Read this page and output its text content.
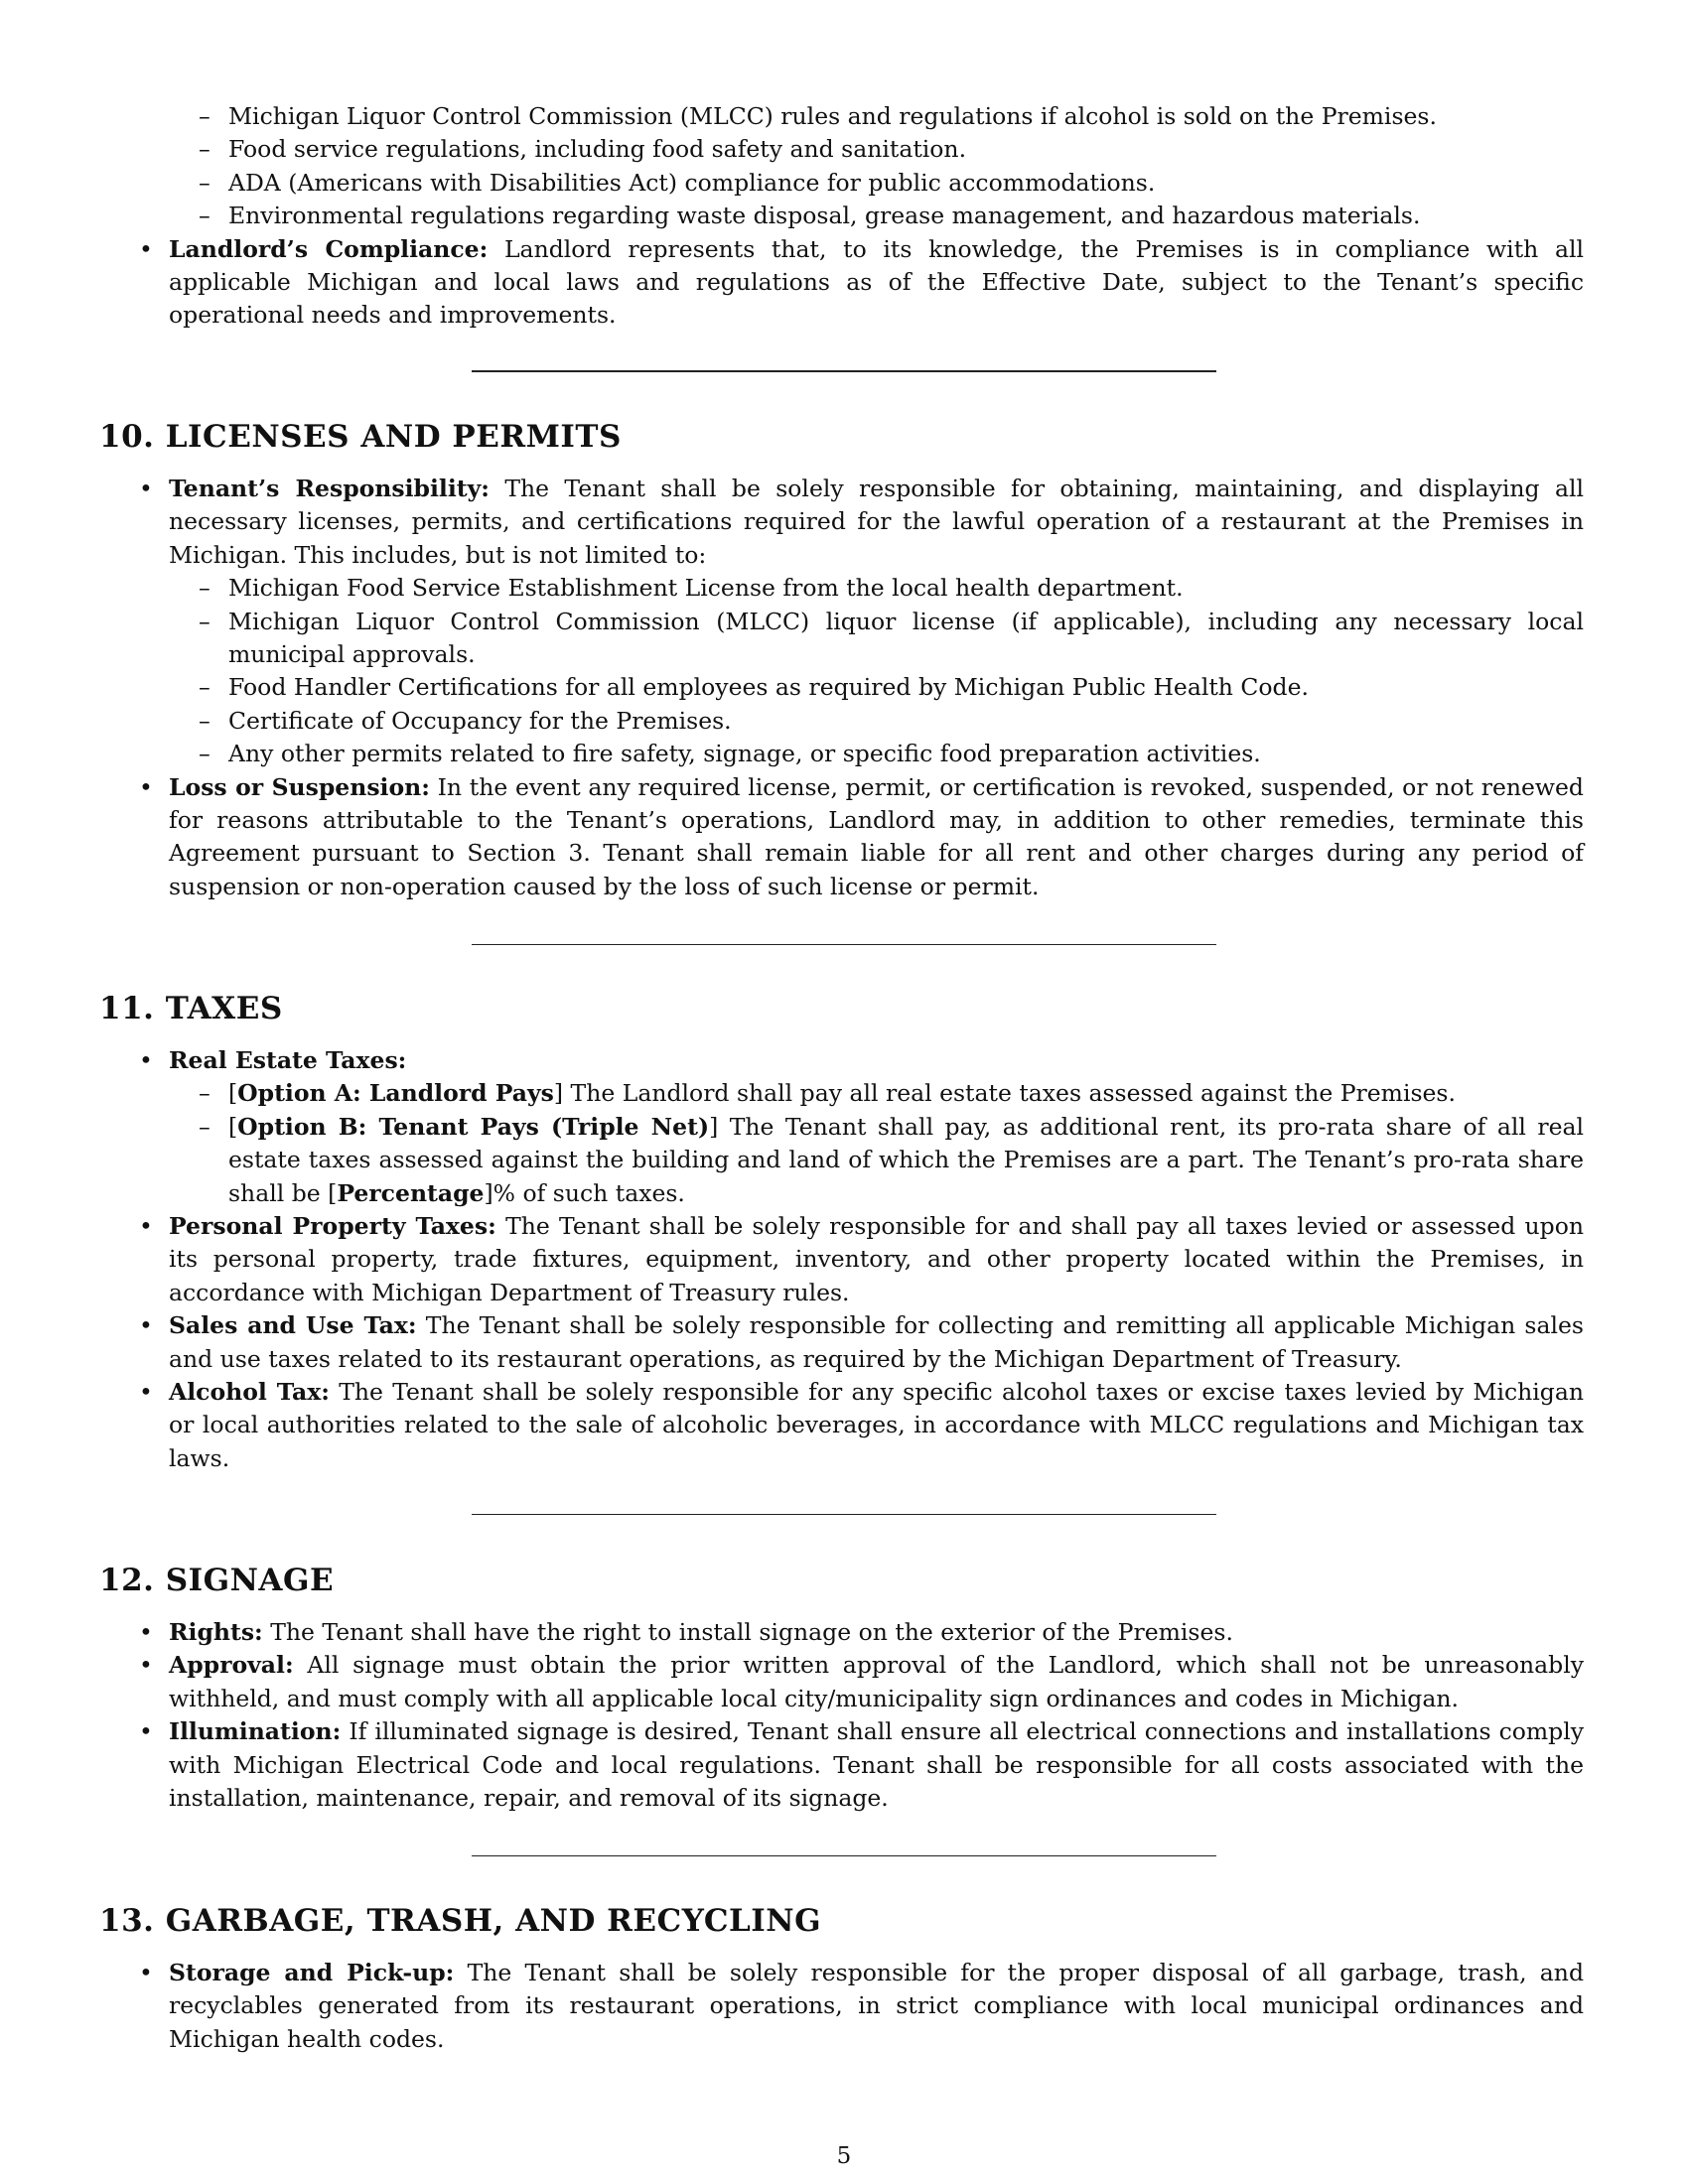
– Michigan Liquor Control Commission (MLCC) rules and regulations if alcohol is sold on the Premises.
– Food service regulations, including food safety and sanitation.
– ADA (Americans with Disabilities Act) compliance for public accommodations.
– Environmental regulations regarding waste disposal, grease management, and hazardous materials.
• Landlord’s Compliance: Landlord represents that, to its knowledge, the Premises is in compliance with all applicable Michigan and local laws and regulations as of the Effective Date, subject to the Tenant’s specific operational needs and improvements.
10. LICENSES AND PERMITS
• Tenant’s Responsibility: The Tenant shall be solely responsible for obtaining, maintaining, and displaying all necessary licenses, permits, and certifications required for the lawful operation of a restaurant at the Premises in Michigan. This includes, but is not limited to:
– Michigan Food Service Establishment License from the local health department.
– Michigan Liquor Control Commission (MLCC) liquor license (if applicable), including any necessary local municipal approvals.
– Food Handler Certifications for all employees as required by Michigan Public Health Code.
– Certificate of Occupancy for the Premises.
– Any other permits related to fire safety, signage, or specific food preparation activities.
• Loss or Suspension: In the event any required license, permit, or certification is revoked, suspended, or not renewed for reasons attributable to the Tenant’s operations, Landlord may, in addition to other remedies, terminate this Agreement pursuant to Section 3. Tenant shall remain liable for all rent and other charges during any period of suspension or non-operation caused by the loss of such license or permit.
11. TAXES
• Real Estate Taxes:
– [Option A: Landlord Pays] The Landlord shall pay all real estate taxes assessed against the Premises.
– [Option B: Tenant Pays (Triple Net)] The Tenant shall pay, as additional rent, its pro-rata share of all real estate taxes assessed against the building and land of which the Premises are a part. The Tenant’s pro-rata share shall be [Percentage]% of such taxes.
• Personal Property Taxes: The Tenant shall be solely responsible for and shall pay all taxes levied or assessed upon its personal property, trade fixtures, equipment, inventory, and other property located within the Premises, in accordance with Michigan Department of Treasury rules.
• Sales and Use Tax: The Tenant shall be solely responsible for collecting and remitting all applicable Michigan sales and use taxes related to its restaurant operations, as required by the Michigan Department of Treasury.
• Alcohol Tax: The Tenant shall be solely responsible for any specific alcohol taxes or excise taxes levied by Michigan or local authorities related to the sale of alcoholic beverages, in accordance with MLCC regulations and Michigan tax laws.
12. SIGNAGE
• Rights: The Tenant shall have the right to install signage on the exterior of the Premises.
• Approval: All signage must obtain the prior written approval of the Landlord, which shall not be unreasonably withheld, and must comply with all applicable local city/municipality sign ordinances and codes in Michigan.
• Illumination: If illuminated signage is desired, Tenant shall ensure all electrical connections and installations comply with Michigan Electrical Code and local regulations. Tenant shall be responsible for all costs associated with the installation, maintenance, repair, and removal of its signage.
13. GARBAGE, TRASH, AND RECYCLING
• Storage and Pick-up: The Tenant shall be solely responsible for the proper disposal of all garbage, trash, and recyclables generated from its restaurant operations, in strict compliance with local municipal ordinances and Michigan health codes.
5
